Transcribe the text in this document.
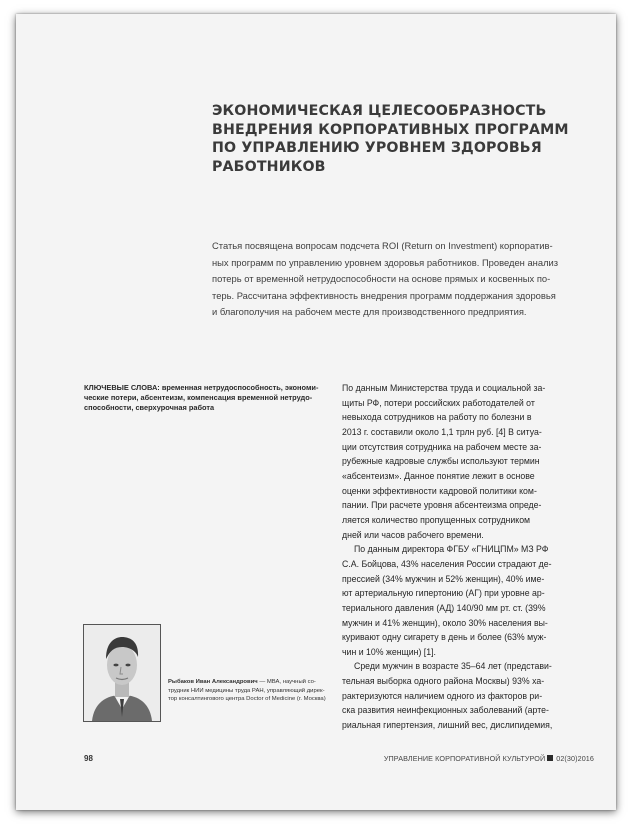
ЭКОНОМИЧЕСКАЯ ЦЕЛЕСООБРАЗНОСТЬ
ВНЕДРЕНИЯ КОРПОРАТИВНЫХ ПРОГРАММ
ПО УПРАВЛЕНИЮ УРОВНЕМ ЗДОРОВЬЯ
РАБОТНИКОВ

Статья посвящена вопросам подсчета ROI (Return on Investment) корпоратив-
ных программ по управлению уровнем здоровья работников. Проведен анализ
потерь от временной нетрудоспособности на основе прямых и косвенных по-
терь. Рассчитана эффективность внедрения программ поддержания здоровья
и благополучия на рабочем месте для производственного предприятия.

КЛЮЧЕВЫЕ СЛОВА: временная нетрудоспособность, экономи-
ческие потери, абсентеизм, компенсация временной нетрудо-
способности, сверхурочная работа

По данным Министерства труда и социальной за-
щиты РФ, потери российских работодателей от
невыхода сотрудников на работу по болезни в
2013 г. составили около 1,1 трлн руб. [4] В ситуа-
ции отсутствия сотрудника на рабочем месте за-
рубежные кадровые службы используют термин
«абсентеизм». Данное понятие лежит в основе
оценки эффективности кадровой политики ком-
пании. При расчете уровня абсентеизма опреде-
ляется количество пропущенных сотрудником
дней или часов рабочего времени.
По данным директора ФГБУ «ГНИЦПМ» МЗ РФ
С.А. Бойцова, 43% населения России страдают де-
прессией (34% мужчин и 52% женщин), 40% име-
ют артериальную гипертонию (АГ) при уровне ар-
териального давления (АД) 140/90 мм рт. ст. (39%
мужчин и 41% женщин), около 30% населения вы-
куривают одну сигарету в день и более (63% муж-
чин и 10% женщин) [1].
Среди мужчин в возрасте 35–64 лет (представи-
тельная выборка одного района Москвы) 93% ха-
рактеризуются наличием одного из факторов ри-
ска развития неинфекционных заболеваний (арте-
риальная гипертензия, лишний вес, дислипидемия,

Рыбаков Иван Александрович — МВА, научный со-
трудник НИИ медицины труда РАН, управляющий дирек-
тор консалтингового центра Doctor of Medicine (г. Москва)

98	УПРАВЛЕНИЕ КОРПОРАТИВНОЙ КУЛЬТУРОЙ 02(30)2016
